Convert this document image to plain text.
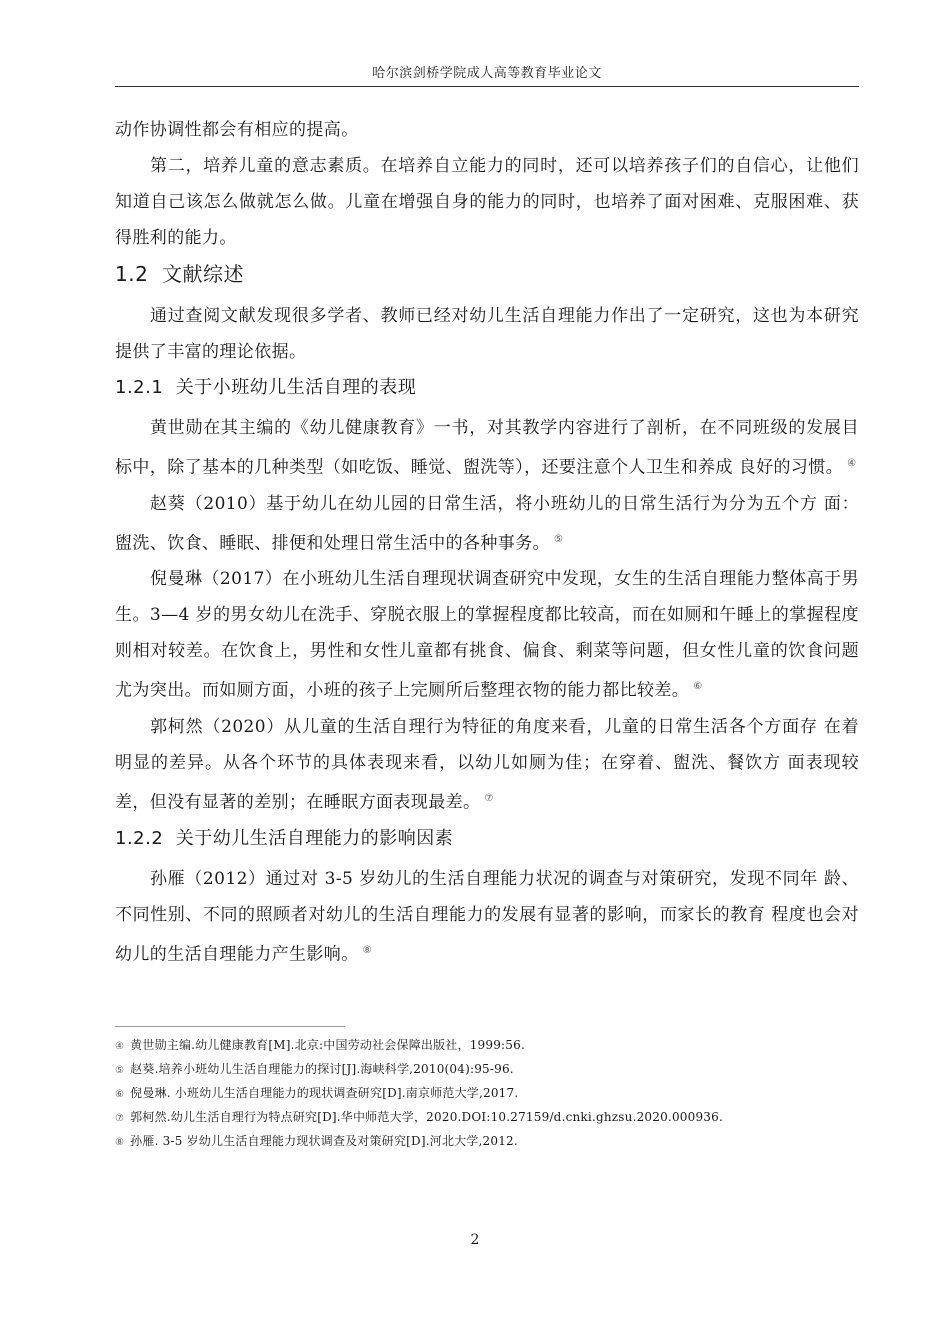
哈尔滨剑桥学院成人高等教育毕业论文

动作协调性都会有相应的提高。

第二，培养儿童的意志素质。在培养自立能力的同时，还可以培养孩子们的自信心，让他们知道自己该怎么做就怎么做。儿童在增强自身的能力的同时，也培养了面对困难、克服困难、获得胜利的能力。

1.2 文献综述

通过查阅文献发现很多学者、教师已经对幼儿生活自理能力作出了一定研究，这也为本研究提供了丰富的理论依据。

1.2.1 关于小班幼儿生活自理的表现

黄世勋在其主编的《幼儿健康教育》一书，对其教学内容进行了剖析，在不同班级的发展目标中，除了基本的几种类型（如吃饭、睡觉、盥洗等），还要注意个人卫生和养成 良好的习惯。 ④

赵葵（2010）基于幼儿在幼儿园的日常生活，将小班幼儿的日常生活行为分为五个方 面：盥洗、饮食、睡眠、排便和处理日常生活中的各种事务。 ⑤

倪曼琳（2017）在小班幼儿生活自理现状调查研究中发现，女生的生活自理能力整体高于男生。3—4 岁的男女幼儿在洗手、穿脱衣服上的掌握程度都比较高，而在如厕和午睡上的掌握程度则相对较差。在饮食上，男性和女性儿童都有挑食、偏食、剩菜等问题，但女性儿童的饮食问题尤为突出。而如厕方面，小班的孩子上完厕所后整理衣物的能力都比较差。 ⑥

郭柯然（2020）从儿童的生活自理行为特征的角度来看，儿童的日常生活各个方面存 在着明显的差异。从各个环节的具体表现来看，以幼儿如厕为佳；在穿着、盥洗、餐饮方 面表现较差，但没有显著的差别；在睡眠方面表现最差。 ⑦

1.2.2 关于幼儿生活自理能力的影响因素

孙雁（2012）通过对 3-5 岁幼儿的生活自理能力状况的调查与对策研究，发现不同年 龄、不同性别、不同的照顾者对幼儿的生活自理能力的发展有显著的影响，而家长的教育 程度也会对幼儿的生活自理能力产生影响。 ⑧

④ 黄世勋主编.幼儿健康教育[M].北京:中国劳动社会保障出版社，1999:56.
⑤ 赵葵.培养小班幼儿生活自理能力的探讨[J].海峡科学,2010(04):95-96.
⑥ 倪曼琳. 小班幼儿生活自理能力的现状调查研究[D].南京师范大学,2017.
⑦ 郭柯然.幼儿生活自理行为特点研究[D].华中师范大学，2020.DOI:10.27159/d.cnki.ghzsu.2020.000936.
⑧ 孙雁. 3-5 岁幼儿生活自理能力现状调查及对策研究[D].河北大学,2012.
2
